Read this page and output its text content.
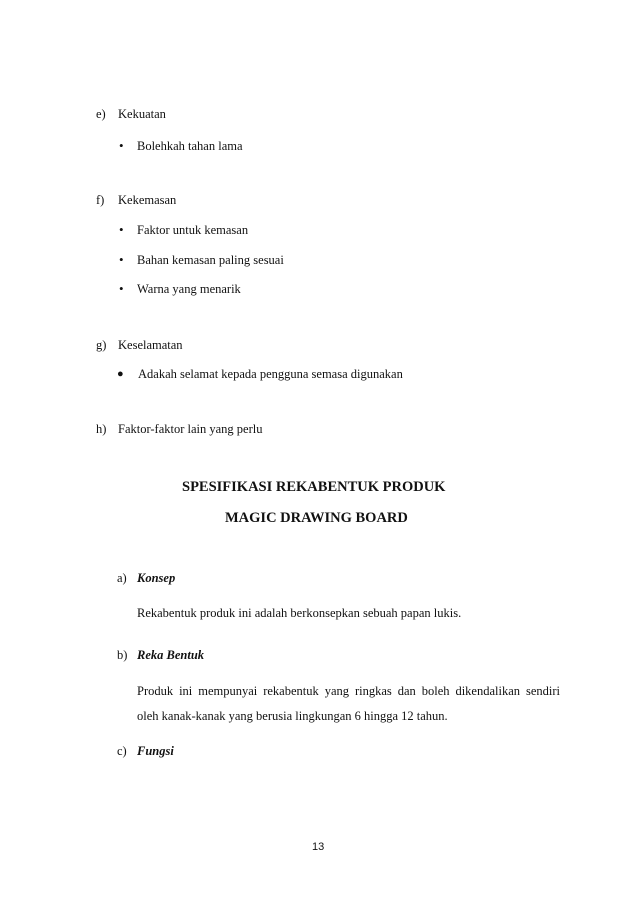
e) Kekuatan
• Bolehkah tahan lama
f) Kekemasan
• Faktor untuk kemasan
• Bahan kemasan paling sesuai
• Warna yang menarik
g) Keselamatan
● Adakah selamat kepada pengguna semasa digunakan
h) Faktor-faktor lain yang perlu
SPESIFIKASI REKABENTUK PRODUK
MAGIC DRAWING BOARD
a) Konsep
Rekabentuk produk ini adalah berkonsepkan sebuah papan lukis.
b) Reka Bentuk
Produk ini mempunyai rekabentuk yang ringkas dan boleh dikendalikan sendiri
oleh kanak-kanak yang berusia lingkungan 6 hingga 12 tahun.
c) Fungsi
13
